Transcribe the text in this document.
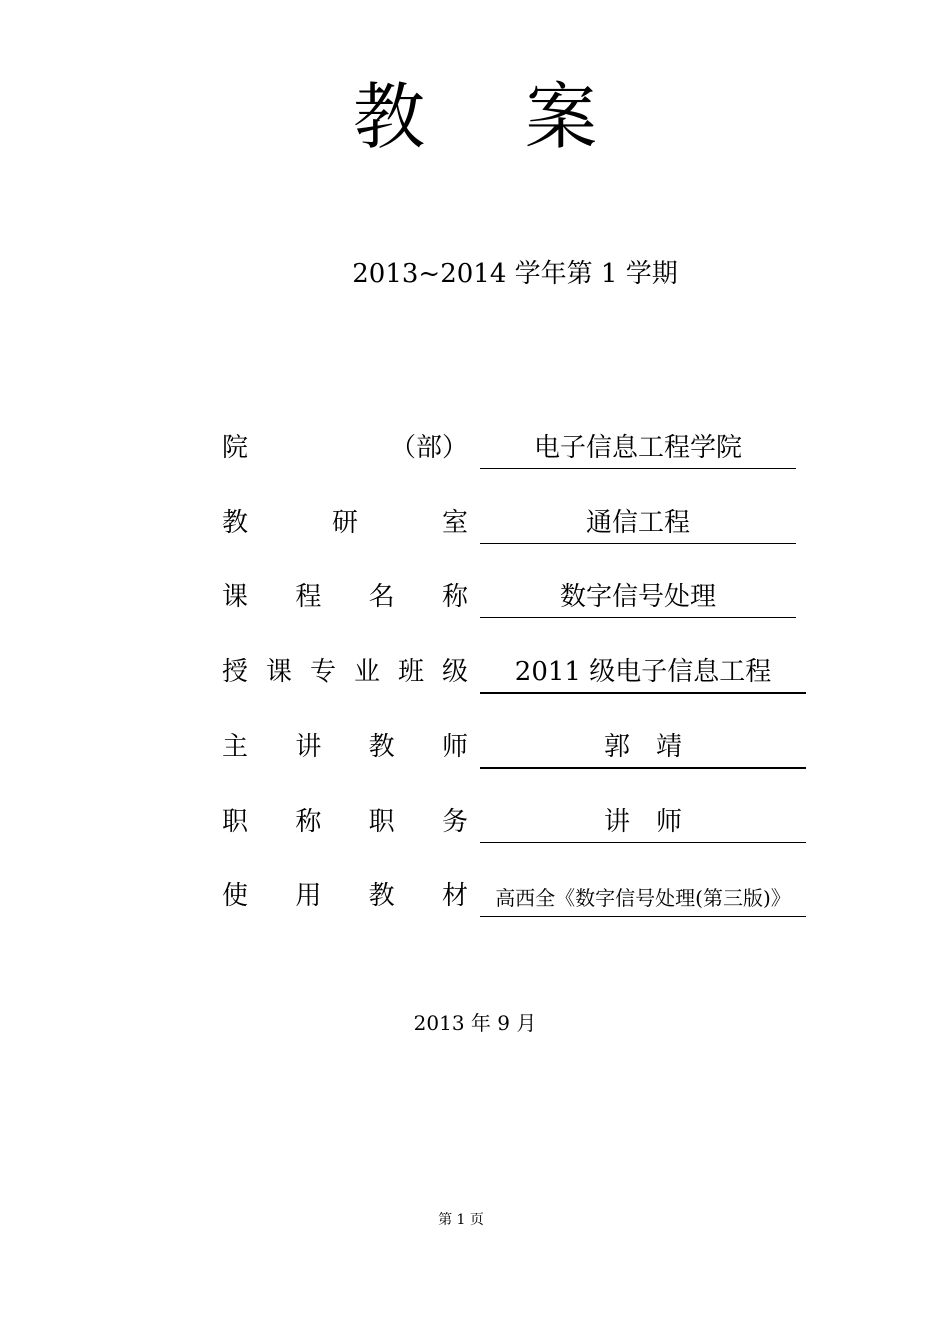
教案
2013~2014 学年第 1 学期
院	（部）	电子信息工程学院
教研室	通信工程
课程名称	数字信号处理
授课专业班级	2011 级电子信息工程
主讲教师	郭　靖
职称职务	讲　师
使用教材	高西全《数字信号处理(第三版)》
2013 年 9 月
第 1 页
